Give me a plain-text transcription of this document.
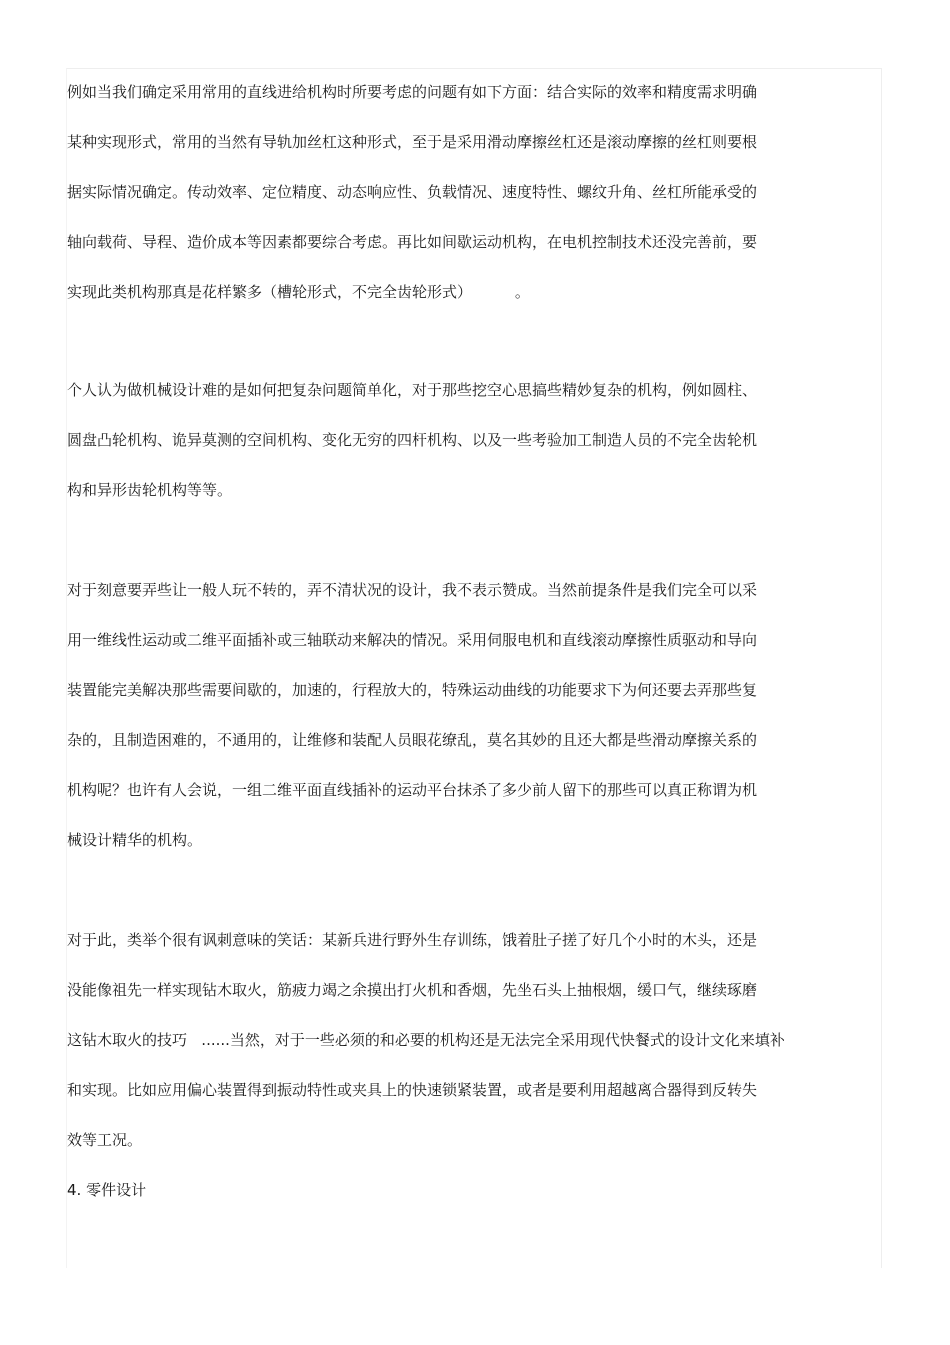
例如当我们确定采用常用的直线进给机构时所要考虑的问题有如下方面：结合实际的效率和精度需求明确
某种实现形式，常用的当然有导轨加丝杠这种形式，至于是采用滑动摩擦丝杠还是滚动摩擦的丝杠则要根
据实际情况确定。传动效率、定位精度、动态响应性、负载情况、速度特性、螺纹升角、丝杠所能承受的
轴向载荷、导程、造价成本等因素都要综合考虑。再比如间歇运动机构，在电机控制技术还没完善前，要
实现此类机构那真是花样繁多（槽轮形式，不完全齿轮形式）         。
个人认为做机械设计难的是如何把复杂问题简单化，对于那些挖空心思搞些精妙复杂的机构，例如圆柱、
圆盘凸轮机构、诡异莫测的空间机构、变化无穷的四杆机构、以及一些考验加工制造人员的不完全齿轮机
构和异形齿轮机构等等。
对于刻意要弄些让一般人玩不转的，弄不清状况的设计，我不表示赞成。当然前提条件是我们完全可以采
用一维线性运动或二维平面插补或三轴联动来解决的情况。采用伺服电机和直线滚动摩擦性质驱动和导向
装置能完美解决那些需要间歇的，加速的，行程放大的，特殊运动曲线的功能要求下为何还要去弄那些复
杂的，且制造困难的，不通用的，让维修和装配人员眼花缭乱，莫名其妙的且还大都是些滑动摩擦关系的
机构呢？也许有人会说，一组二维平面直线插补的运动平台抹杀了多少前人留下的那些可以真正称谓为机
械设计精华的机构。
对于此，类举个很有讽刺意味的笑话：某新兵进行野外生存训练，饿着肚子搓了好几个小时的木头，还是
没能像祖先一样实现钻木取火，筋疲力竭之余摸出打火机和香烟，先坐石头上抽根烟，缓口气，继续琢磨
这钻木取火的技巧   ......当然，对于一些必须的和必要的机构还是无法完全采用现代快餐式的设计文化来填补
和实现。比如应用偏心装置得到振动特性或夹具上的快速锁紧装置，或者是要利用超越离合器得到反转失
效等工况。
4. 零件设计
